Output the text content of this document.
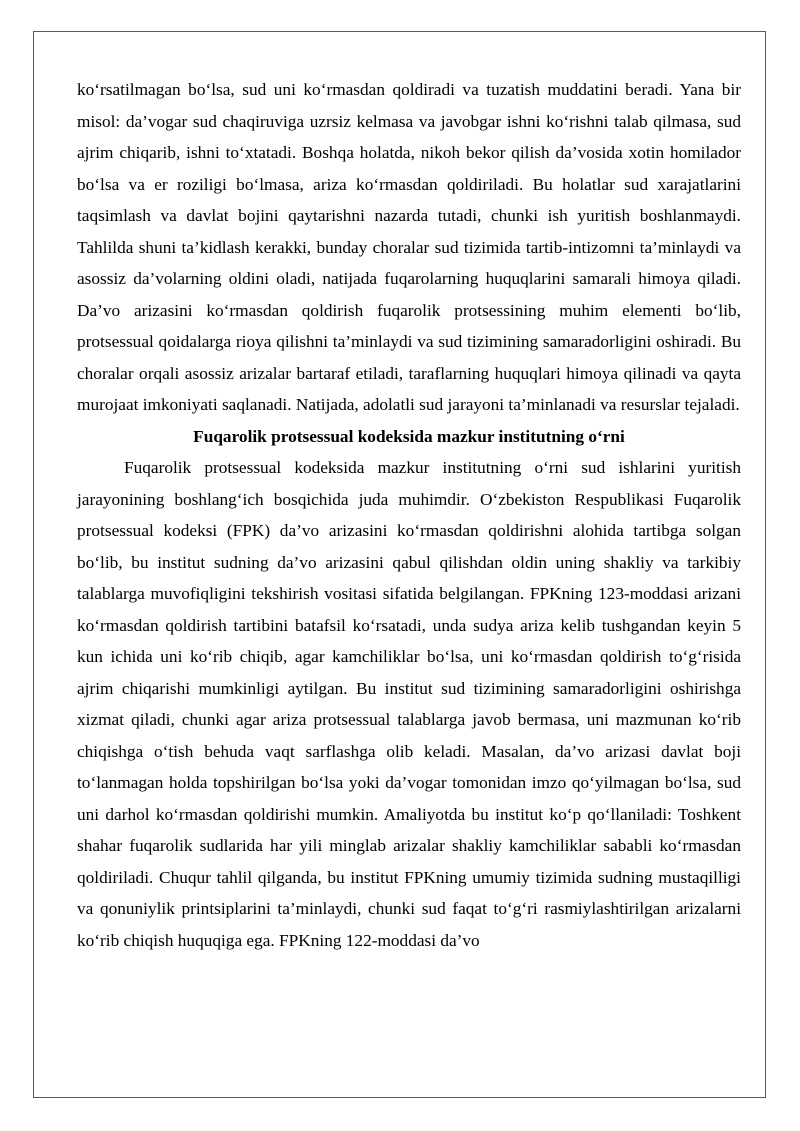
ko‘rsatilmagan bo‘lsa, sud uni ko‘rmasdan qoldiradi va tuzatish muddatini beradi. Yana bir misol: da’vogar sud chaqiruviga uzrsiz kelmasa va javobgar ishni ko‘rishni talab qilmasa, sud ajrim chiqarib, ishni to‘xtatadi. Boshqa holatda, nikoh bekor qilish da’vosida xotin homilador bo‘lsa va er roziligi bo‘lmasa, ariza ko‘rmasdan qoldiriladi. Bu holatlar sud xarajatlarini taqsimlash va davlat bojini qaytarishni nazarda tutadi, chunki ish yuritish boshlanmaydi. Tahlilda shuni ta’kidlash kerakki, bunday choralar sud tizimida tartib-intizomni ta’minlaydi va asossiz da’volarning oldini oladi, natijada fuqarolarning huquqlarini samarali himoya qiladi. Da’vo arizasini ko‘rmasdan qoldirish fuqarolik protsessining muhim elementi bo‘lib, protsessual qoidalarga rioya qilishni ta’minlaydi va sud tizimining samaradorligini oshiradi. Bu choralar orqali asossiz arizalar bartaraf etiladi, taraflarning huquqlari himoya qilinadi va qayta murojaat imkoniyati saqlanadi. Natijada, adolatli sud jarayoni ta’minlanadi va resurslar tejaladi.

Fuqarolik protsessual kodeksida mazkur institutning o‘rni

Fuqarolik protsessual kodeksida mazkur institutning o‘rni sud ishlarini yuritish jarayonining boshlang‘ich bosqichida juda muhimdir. O‘zbekiston Respublikasi Fuqarolik protsessual kodeksi (FPK) da’vo arizasini ko‘rmasdan qoldirishni alohida tartibga solgan bo‘lib, bu institut sudning da’vo arizasini qabul qilishdan oldin uning shakliy va tarkibiy talablarga muvofiqligini tekshirish vositasi sifatida belgilangan. FPKning 123-moddasi arizani ko‘rmasdan qoldirish tartibini batafsil ko‘rsatadi, unda sudya ariza kelib tushgandan keyin 5 kun ichida uni ko‘rib chiqib, agar kamchiliklar bo‘lsa, uni ko‘rmasdan qoldirish to‘g‘risida ajrim chiqarishi mumkinligi aytilgan. Bu institut sud tizimining samaradorligini oshirishga xizmat qiladi, chunki agar ariza protsessual talablarga javob bermasa, uni mazmunan ko‘rib chiqishga o‘tish behuda vaqt sarflashga olib keladi. Masalan, da’vo arizasi davlat boji to‘lanmagan holda topshirilgan bo‘lsa yoki da’vogar tomonidan imzo qo‘yilmagan bo‘lsa, sud uni darhol ko‘rmasdan qoldirishi mumkin. Amaliyotda bu institut ko‘p qo‘llaniladi: Toshkent shahar fuqarolik sudlarida har yili minglab arizalar shakliy kamchiliklar sababli ko‘rmasdan qoldiriladi. Chuqur tahlil qilganda, bu institut FPKning umumiy tizimida sudning mustaqilligi va qonuniylik printsiplarini ta’minlaydi, chunki sud faqat to‘g‘ri rasmiylashtirilgan arizalarni ko‘rib chiqish huquqiga ega. FPKning 122-moddasi da’vo
